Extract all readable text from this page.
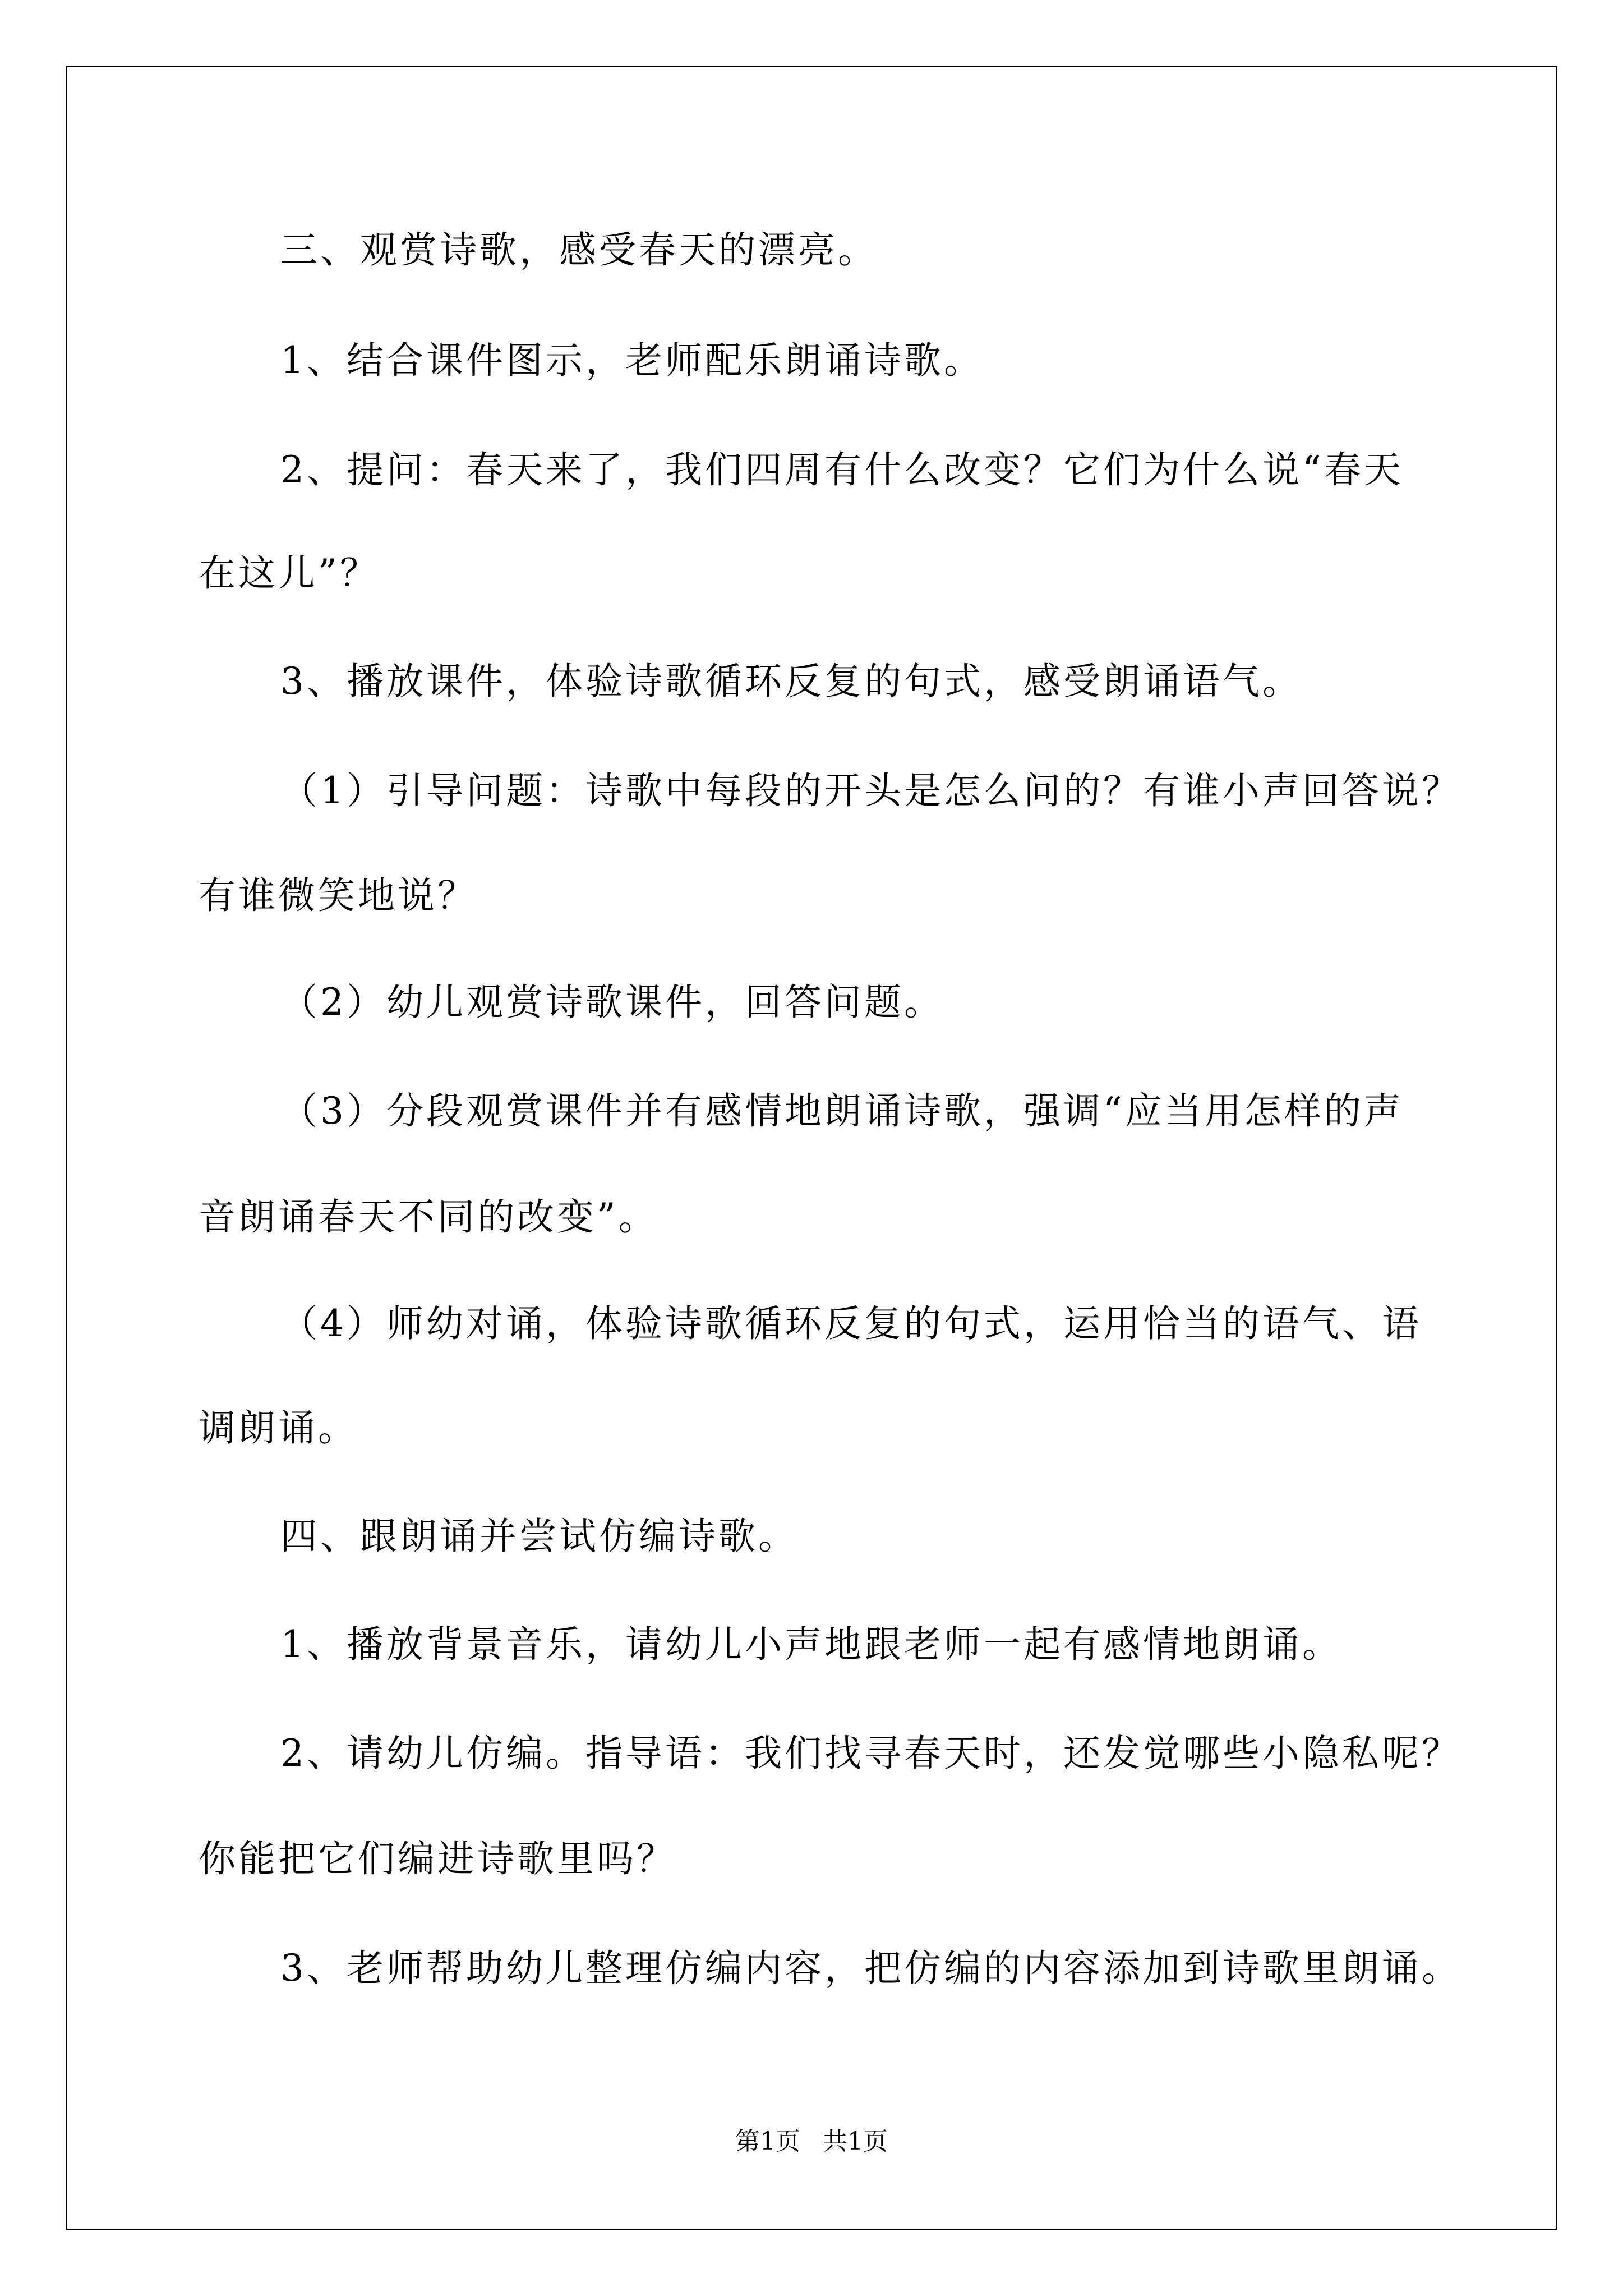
三、观赏诗歌，感受春天的漂亮。
1、结合课件图示，老师配乐朗诵诗歌。
2、提问：春天来了，我们四周有什么改变？它们为什么说“春天
在这儿”？
3、播放课件，体验诗歌循环反复的句式，感受朗诵语气。
（1）引导问题：诗歌中每段的开头是怎么问的？有谁小声回答说？
有谁微笑地说？
（2）幼儿观赏诗歌课件，回答问题。
（3）分段观赏课件并有感情地朗诵诗歌，强调“应当用怎样的声
音朗诵春天不同的改变”。
（4）师幼对诵，体验诗歌循环反复的句式，运用恰当的语气、语
调朗诵。
四、跟朗诵并尝试仿编诗歌。
1、播放背景音乐，请幼儿小声地跟老师一起有感情地朗诵。
2、请幼儿仿编。指导语：我们找寻春天时，还发觉哪些小隐私呢？
你能把它们编进诗歌里吗？
3、老师帮助幼儿整理仿编内容，把仿编的内容添加到诗歌里朗诵。
第1页 共1页
